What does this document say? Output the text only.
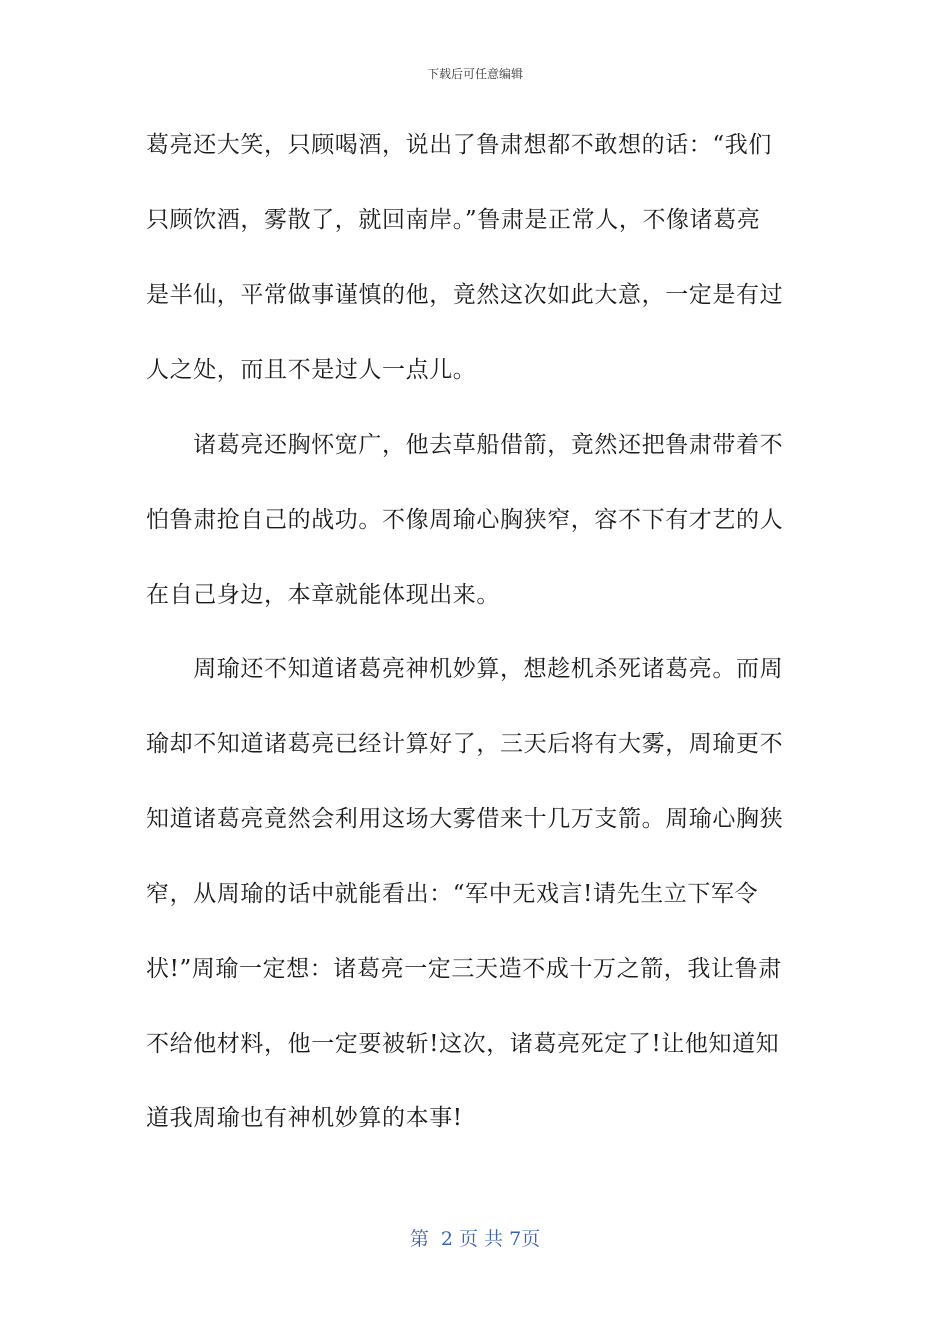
下载后可任意编辑
葛亮还大笑，只顾喝酒，说出了鲁肃想都不敢想的话：“我们
只顾饮酒，雾散了，就回南岸。”鲁肃是正常人，不像诸葛亮
是半仙，平常做事谨慎的他，竟然这次如此大意，一定是有过
人之处，而且不是过人一点儿。
　　诸葛亮还胸怀宽广，他去草船借箭，竟然还把鲁肃带着不
怕鲁肃抢自己的战功。不像周瑜心胸狭窄，容不下有才艺的人
在自己身边，本章就能体现出来。
　　周瑜还不知道诸葛亮神机妙算，想趁机杀死诸葛亮。而周
瑜却不知道诸葛亮已经计算好了，三天后将有大雾，周瑜更不
知道诸葛亮竟然会利用这场大雾借来十几万支箭。周瑜心胸狭
窄，从周瑜的话中就能看出：“军中无戏言!请先生立下军令
状!”周瑜一定想：诸葛亮一定三天造不成十万之箭，我让鲁肃
不给他材料，他一定要被斩!这次，诸葛亮死定了!让他知道知
道我周瑜也有神机妙算的本事!
第  2 页 共 7页
